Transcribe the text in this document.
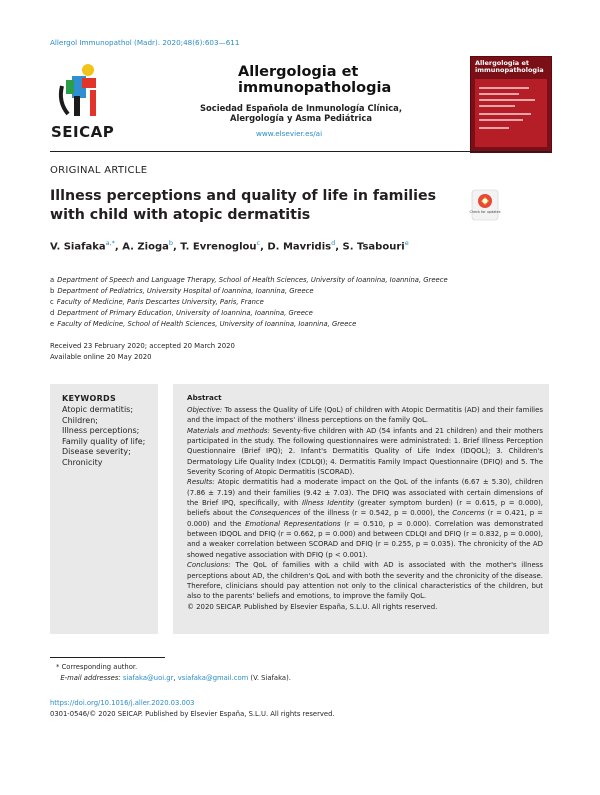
Allergol Immunopathol (Madr). 2020;48(6):603—611
SEICAP
Allergologia et immunopathologia
Sociedad Española de Inmunología Clínica, Alergología y Asma Pediátrica
www.elsevier.es/ai
Allergologia et immunopathologia
ORIGINAL ARTICLE
Illness perceptions and quality of life in families with child with atopic dermatitis	Check for updates
V. Siafaka$^{a,*}$, A. Zioga$^b$, T. Evrenoglou$^c$, D. Mavridis$^d$, S. Tsabouri$^e$
a Department of Speech and Language Therapy, School of Health Sciences, University of Ioannina, Ioannina, Greece
b Department of Pediatrics, University Hospital of Ioannina, Ioannina, Greece
c Faculty of Medicine, Paris Descartes University, Paris, France
d Department of Primary Education, University of Ioannina, Ioannina, Greece
e Faculty of Medicine, School of Health Sciences, University of Ioannina, Ioannina, Greece
Received 23 February 2020; accepted 20 March 2020
Available online 20 May 2020
KEYWORDS
Atopic dermatitis;
Children;
Illness perceptions;
Family quality of life;
Disease severity;
Chronicity
Abstract

Objective: To assess the Quality of Life (QoL) of children with Atopic Dermatitis (AD) and their families and the impact of the mothers' illness perceptions on the family QoL.

Materials and methods: Seventy-five children with AD (54 infants and 21 children) and their mothers participated in the study. The following questionnaires were administrated: 1. Brief Illness Perception Questionnaire (Brief IPQ); 2. Infant's Dermatitis Quality of Life Index (IDQOL); 3. Children's Dermatology Life Quality Index (CDLQI); 4. Dermatitis Family Impact Questionnaire (DFIQ) and 5. The Severity Scoring of Atopic Dermatitis (SCORAD).

Results: Atopic dermatitis had a moderate impact on the QoL of the infants (6.67 ± 5.30), children (7.86 ± 7.19) and their families (9.42 ± 7.03). The DFIQ was associated with certain dimensions of the Brief IPQ, specifically, with Illness Identity (greater symptom burden) (r = 0.615, p = 0.000), beliefs about the Consequences of the illness (r = 0.542, p = 0.000), the Concerns (r = 0.421, p = 0.000) and the Emotional Representations (r = 0.510, p = 0.000). Correlation was demonstrated between IDQOL and DFIQ (r = 0.662, p = 0.000) and between CDLQI and DFIQ (r = 0.832, p = 0.000), and a weaker correlation between SCORAD and DFIQ (r = 0.255, p = 0.035). The chronicity of the AD showed negative association with DFIQ (p < 0.001).

Conclusions: The QoL of families with a child with AD is associated with the mother's illness perceptions about AD, the children's QoL and with both the severity and the chronicity of the disease. Therefore, clinicians should pay attention not only to the clinical characteristics of the children, but also to the parents' beliefs and emotions, to improve the family QoL.

© 2020 SEICAP. Published by Elsevier España, S.L.U. All rights reserved.

* Corresponding author.
E-mail addresses: siafaka@uoi.gr, vsiafaka@gmail.com (V. Siafaka).
https://doi.org/10.1016/j.aller.2020.03.003
0301-0546/© 2020 SEICAP. Published by Elsevier España, S.L.U. All rights reserved.
